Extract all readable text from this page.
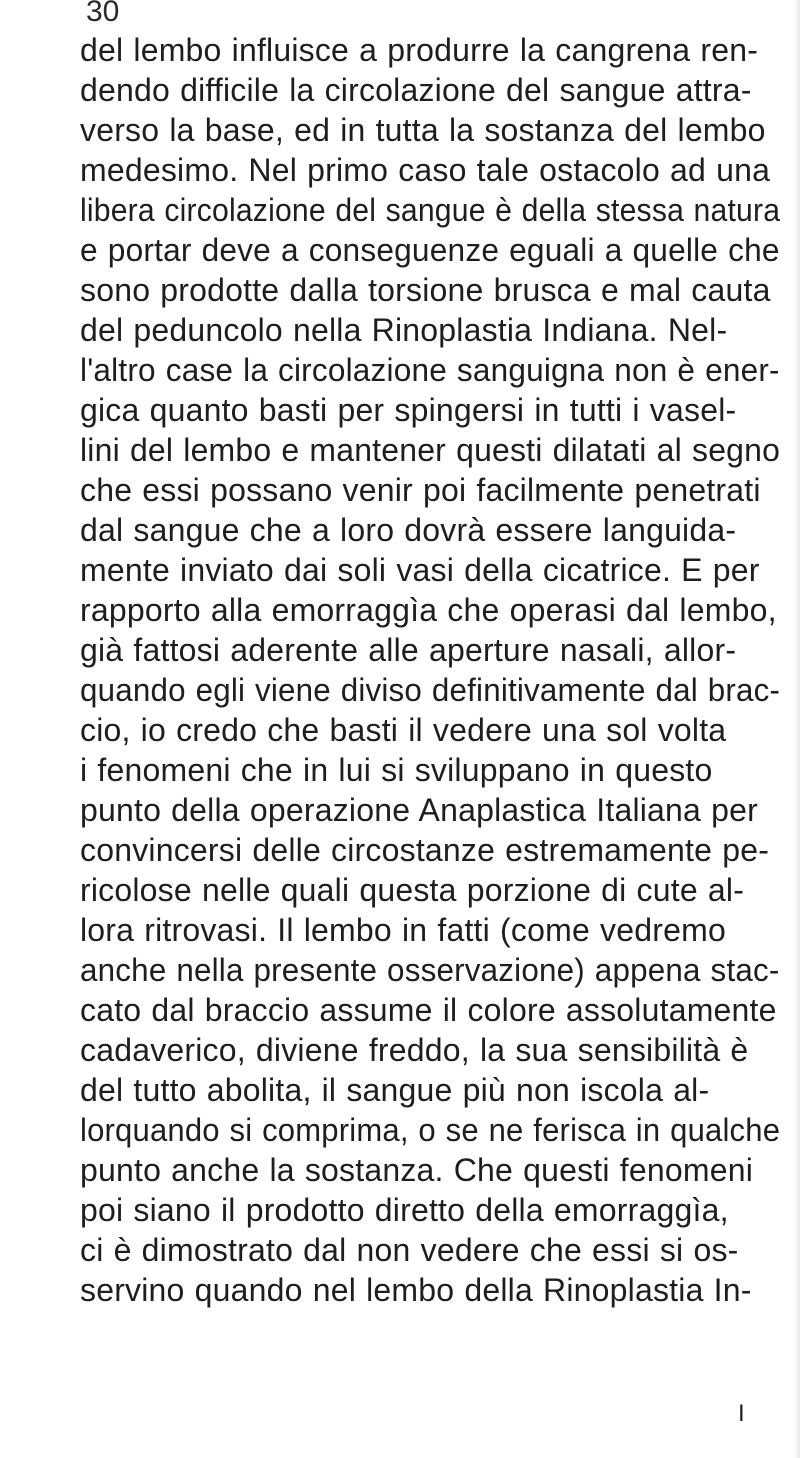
30
del lembo influisce a produrre la cangrena ren-
dendo difficile la circolazione del sangue attra-
verso la base, ed in tutta la sostanza del lembo
medesimo. Nel primo caso tale ostacolo ad una
libera circolazione del sangue è della stessa natura
e portar deve a conseguenze eguali a quelle che
sono prodotte dalla torsione brusca e mal cauta
del peduncolo nella Rinoplastia Indiana. Nel-
l'altro case la circolazione sanguigna non è ener-
gica quanto basti per spingersi in tutti i vasel-
lini del lembo e mantener questi dilatati al segno
che essi possano venir poi facilmente penetrati
dal sangue che a loro dovrà essere languida-
mente inviato dai soli vasi della cicatrice. E per
rapporto alla emorraggìa che operasi dal lembo,
già fattosi aderente alle aperture nasali, allor-
quando egli viene diviso definitivamente dal brac-
cio, io credo che basti il vedere una sol volta
i fenomeni che in lui si sviluppano in questo
punto della operazione Anaplastica Italiana per
convincersi delle circostanze estremamente pe-
ricolose nelle quali questa porzione di cute al-
lora ritrovasi. Il lembo in fatti (come vedremo
anche nella presente osservazione) appena stac-
cato dal braccio assume il colore assolutamente
cadaverico, diviene freddo, la sua sensibilità è
del tutto abolita, il sangue più non iscola al-
lorquando si comprima, o se ne ferisca in qualche
punto anche la sostanza. Che questi fenomeni
poi siano il prodotto diretto della emorraggìa,
ci è dimostrato dal non vedere che essi si os-
servino quando nel lembo della Rinoplastia In-
I
